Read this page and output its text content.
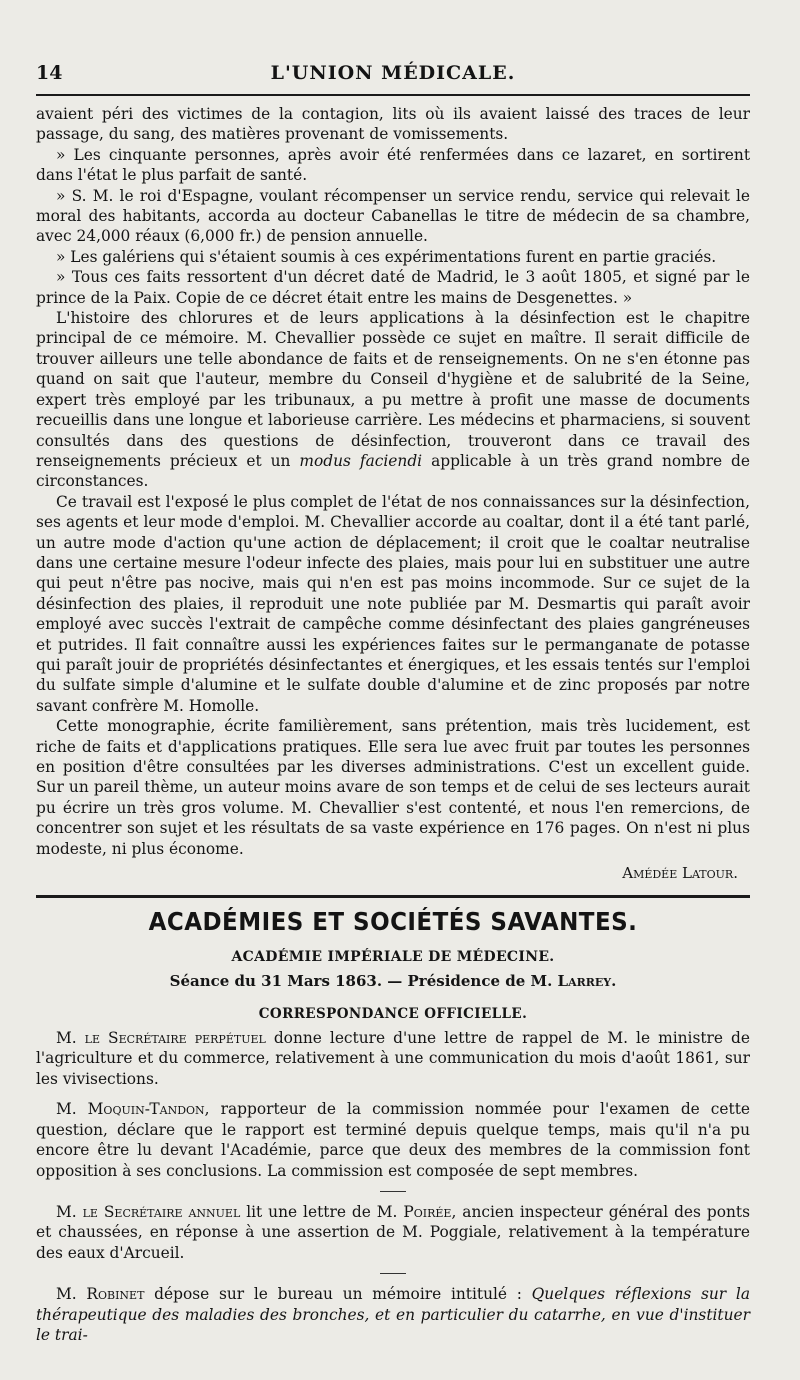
14	L'UNION MÉDICALE.

avaient péri des victimes de la contagion, lits où ils avaient laissé des traces de leur passage, du sang, des matières provenant de vomissements.

» Les cinquante personnes, après avoir été renfermées dans ce lazaret, en sortirent dans l'état le plus parfait de santé.

» S. M. le roi d'Espagne, voulant récompenser un service rendu, service qui relevait le moral des habitants, accorda au docteur Cabanellas le titre de médecin de sa chambre, avec 24,000 réaux (6,000 fr.) de pension annuelle.

» Les galériens qui s'étaient soumis à ces expérimentations furent en partie graciés.

» Tous ces faits ressortent d'un décret daté de Madrid, le 3 août 1805, et signé par le prince de la Paix. Copie de ce décret était entre les mains de Desgenettes. »

L'histoire des chlorures et de leurs applications à la désinfection est le chapitre principal de ce mémoire. M. Chevallier possède ce sujet en maître. Il serait difficile de trouver ailleurs une telle abondance de faits et de renseignements. On ne s'en étonne pas quand on sait que l'auteur, membre du Conseil d'hygiène et de salubrité de la Seine, expert très employé par les tribunaux, a pu mettre à profit une masse de documents recueillis dans une longue et laborieuse carrière. Les médecins et pharmaciens, si souvent consultés dans des questions de désinfection, trouveront dans ce travail des renseignements précieux et un modus faciendi applicable à un très grand nombre de circonstances.

Ce travail est l'exposé le plus complet de l'état de nos connaissances sur la désinfection, ses agents et leur mode d'emploi. M. Chevallier accorde au coaltar, dont il a été tant parlé, un autre mode d'action qu'une action de déplacement; il croit que le coaltar neutralise dans une certaine mesure l'odeur infecte des plaies, mais pour lui en substituer une autre qui peut n'être pas nocive, mais qui n'en est pas moins incommode. Sur ce sujet de la désinfection des plaies, il reproduit une note publiée par M. Desmartis qui paraît avoir employé avec succès l'extrait de campêche comme désinfectant des plaies gangréneuses et putrides. Il fait connaître aussi les expériences faites sur le permanganate de potasse qui paraît jouir de propriétés désinfectantes et énergiques, et les essais tentés sur l'emploi du sulfate simple d'alumine et le sulfate double d'alumine et de zinc proposés par notre savant confrère M. Homolle.

Cette monographie, écrite familièrement, sans prétention, mais très lucidement, est riche de faits et d'applications pratiques. Elle sera lue avec fruit par toutes les personnes en position d'être consultées par les diverses administrations. C'est un excellent guide. Sur un pareil thème, un auteur moins avare de son temps et de celui de ses lecteurs aurait pu écrire un très gros volume. M. Chevallier s'est contenté, et nous l'en remercions, de concentrer son sujet et les résultats de sa vaste expérience en 176 pages. On n'est ni plus modeste, ni plus économe.

Amédée Latour.
ACADÉMIES ET SOCIÉTÉS SAVANTES.
ACADÉMIE IMPÉRIALE DE MÉDECINE.
Séance du 31 Mars 1863. — Présidence de M. Larrey.
CORRESPONDANCE OFFICIELLE.

M. le Secrétaire perpétuel donne lecture d'une lettre de rappel de M. le ministre de l'agriculture et du commerce, relativement à une communication du mois d'août 1861, sur les vivisections.

M. Moquin-Tandon, rapporteur de la commission nommée pour l'examen de cette question, déclare que le rapport est terminé depuis quelque temps, mais qu'il n'a pu encore être lu devant l'Académie, parce que deux des membres de la commission font opposition à ses conclusions. La commission est composée de sept membres.

M. le Secrétaire annuel lit une lettre de M. Poirée, ancien inspecteur général des ponts et chaussées, en réponse à une assertion de M. Poggiale, relativement à la température des eaux d'Arcueil.

M. Robinet dépose sur le bureau un mémoire intitulé : Quelques réflexions sur la thérapeutique des maladies des bronches, et en particulier du catarrhe, en vue d'instituer le trai-
